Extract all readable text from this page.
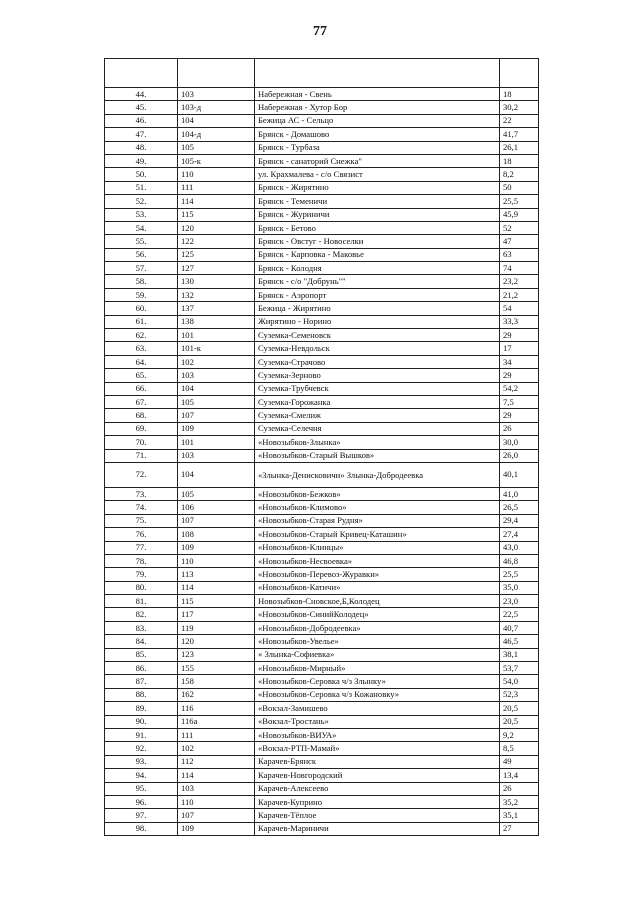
77

44.	103	Набережная - Свень	18
45.	103-д	Набережная - Хутор Бор	30,2
46.	104	Бежица АС - Сельцо	22
47.	104-д	Брянск - Домашово	41,7
48.	105	Брянск - Турбаза	26,1
49.	105-к	Брянск - санаторий Снежка"	18
50.	110	ул. Крахмалева - с/о Связист	8,2
51.	111	Брянск - Жирятино	50
52.	114	Брянск - Теменичи	25,5
53.	115	Брянск - Журиничи	45,9
54.	120	Брянск - Бетово	52
55.	122	Брянск - Овстуг - Новоселки	47
56.	125	Брянск - Карповка - Маковье	63
57.	127	Брянск - Колодня	74
58.	130	Брянск - с/о "Добрунь""	23,2
59.	132	Брянск - Аэропорт	21,2
60.	137	Бежица - Жирятино	54
61.	138	Жирятино - Норино	33,3
62.	101	Суземка-Семеновск	29
63.	101-к	Суземка-Невдольск	17
64.	102	Суземка-Страчово	34
65.	103	Суземка-Зерново	29
66.	104	Суземка-Трубчевск	54,2
67.	105	Суземка-Горожанка	7,5
68.	107	Суземка-Смелиж	29
69.	109	Суземка-Селечня	26
70.	101	«Новозыбков-Злынка»	30,0
71.	103	«Новозыбков-Старый Вышков»	26,0
72.	104	«Злынка-Денисковичи» Злынка-Добродеевка	40,1
73.	105	«Новозыбков-Бежков»	41,0
74.	106	«Новозыбков-Климово»	26,5
75.	107	«Новозыбков-Старая Рудня»	29,4
76.	108	«Новозыбков-Старый Кривец-Каташин»	27,4
77.	109	«Новозыбков-Клинцы»	43,0
78.	110	«Новозыбков-Несвоевка»	46,8
79.	113	«Новозыбков-Перевоз-Журавки»	25,5
80.	114	«Новозыбков-Катичи»	35,0
81.	115	Новозыбков-Сновское,Б,Колодец	23,0
82.	117	«Новозыбков-СинийКолодец»	22,5
83.	119	«Новозыбков-Добродеевка»	40,7
84.	120	«Новозыбков-Увелье»	46,5
85.	123	« Злынка-Софиевка»	38,1
86.	155	«Новозыбков-Мирный»	53,7
87.	158	«Новозыбков-Серовка ч/з Злынку»	54,0
88.	162	«Новозыбков-Серовка ч/з Кожановку»	52,3
89.	116	«Вокзал-Замишево	20,5
90.	116а	«Вокзал-Тростань»	20,5
91.	111	«Новозыбков-ВИУА»	9,2
92.	102	«Вокзал-РТП-Мамай»	8,5
93.	112	Карачев-Брянск	49
94.	114	Карачев-Новгородский	13,4
95.	103	Карачев-Алексеево	26
96.	110	Карачев-Куприно	35,2
97.	107	Карачев-Тёплое	35,1
98.	109	Карачев-Мариничи	27
